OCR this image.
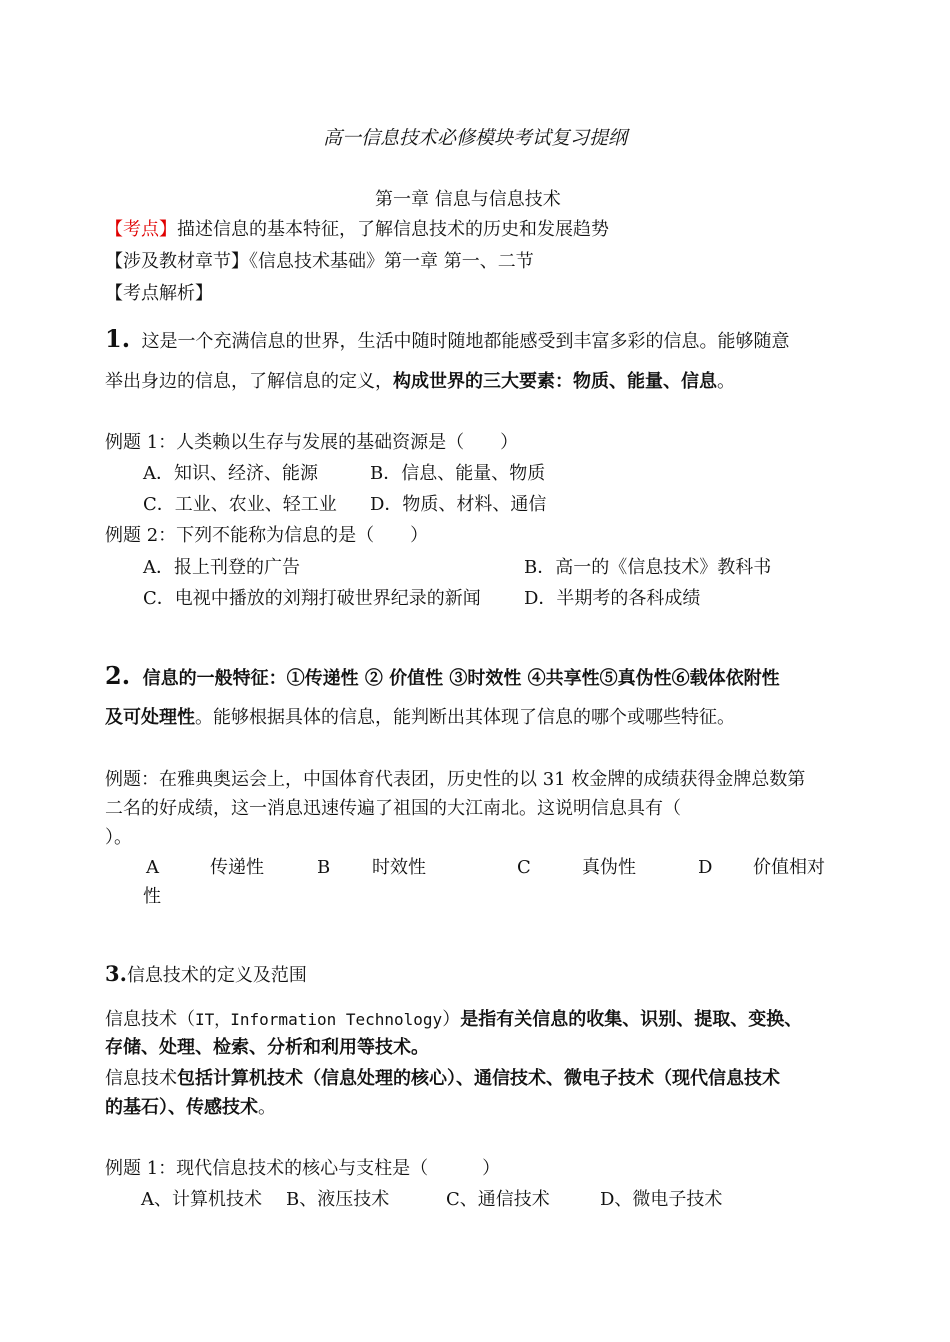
高一信息技术必修模块考试复习提纲
第一章 信息与信息技术
【考点】描述信息的基本特征，了解信息技术的历史和发展趋势
【涉及教材章节】《信息技术基础》第一章 第一、二节
【考点解析】
1. 这是一个充满信息的世界，生活中随时随地都能感受到丰富多彩的信息。能够随意
举出身边的信息，了解信息的定义，构成世界的三大要素：物质、能量、信息。
例题 1：人类赖以生存与发展的基础资源是（　　）
A．知识、经济、能源	B．信息、能量、物质
C．工业、农业、轻工业 D．物质、材料、通信
例题 2：下列不能称为信息的是（　　）
A．报上刊登的广告	B．高一的《信息技术》教科书
C．电视中播放的刘翔打破世界纪录的新闻 D．半期考的各科成绩
2. 信息的一般特征：①传递性 ② 价值性 ③时效性 ④共享性⑤真伪性⑥载体依附性
及可处理性。能够根据具体的信息，能判断出其体现了信息的哪个或哪些特征。
例题：在雅典奥运会上，中国体育代表团，历史性的以 31 枚金牌的成绩获得金牌总数第
二名的好成绩，这一消息迅速传遍了祖国的大江南北。这说明信息具有（
）。
A	传递性	B 时效性	C	真伪性	D 价值相对
性
3.信息技术的定义及范围
信息技术（IT，Information Technology）是指有关信息的收集、识别、提取、变换、
存储、处理、检索、分析和利用等技术。
信息技术包括计算机技术（信息处理的核心）、通信技术、微电子技术（现代信息技术
的基石）、传感技术。
例题 1：现代信息技术的核心与支柱是（　　　）
A、计算机技术 B、液压技术	C、通信技术	D、微电子技术
